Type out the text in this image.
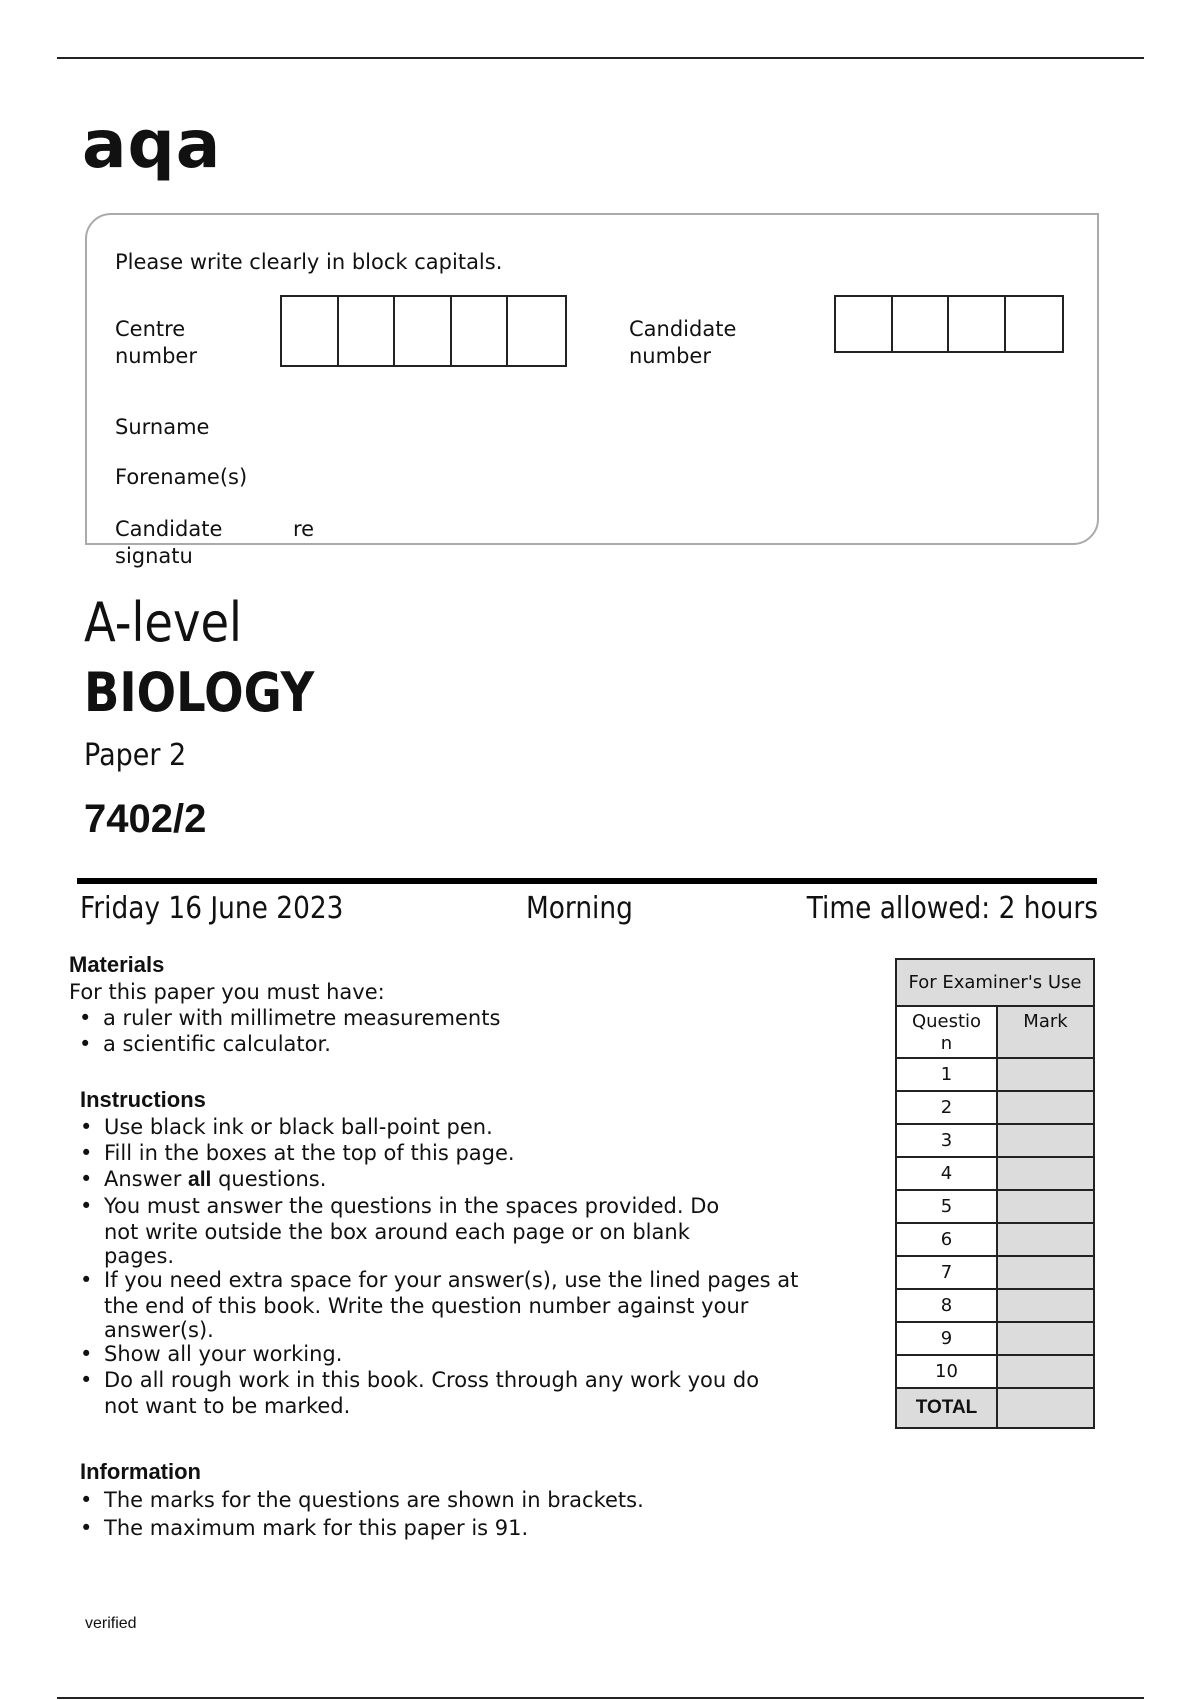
aqa
Please write clearly in block capitals.
Centre
number
Candidate
number
Surname
Forename(s)
Candidate	re
signatu
A-level
BIOLOGY
Paper 2
7402/2
Friday 16 June 2023	Morning	Time allowed: 2 hours
Materials
For this paper you must have:
• a ruler with millimetre measurements
• a scientific calculator.
Instructions
• Use black ink or black ball-point pen.
• Fill in the boxes at the top of this page.
• Answer all questions.
• You must answer the questions in the spaces provided. Do
not write outside the box around each page or on blank
pages.
• If you need extra space for your answer(s), use the lined pages at
the end of this book. Write the question number against your
answer(s).
• Show all your working.
• Do all rough work in this book. Cross through any work you do
not want to be marked.
Information
• The marks for the questions are shown in brackets.
• The maximum mark for this paper is 91.
For Examiner's Use	

Questio
n	Mark
1	
2	
3	
4	
5	
6	
7	
8	
9	
10	
TOTAL	
verified
